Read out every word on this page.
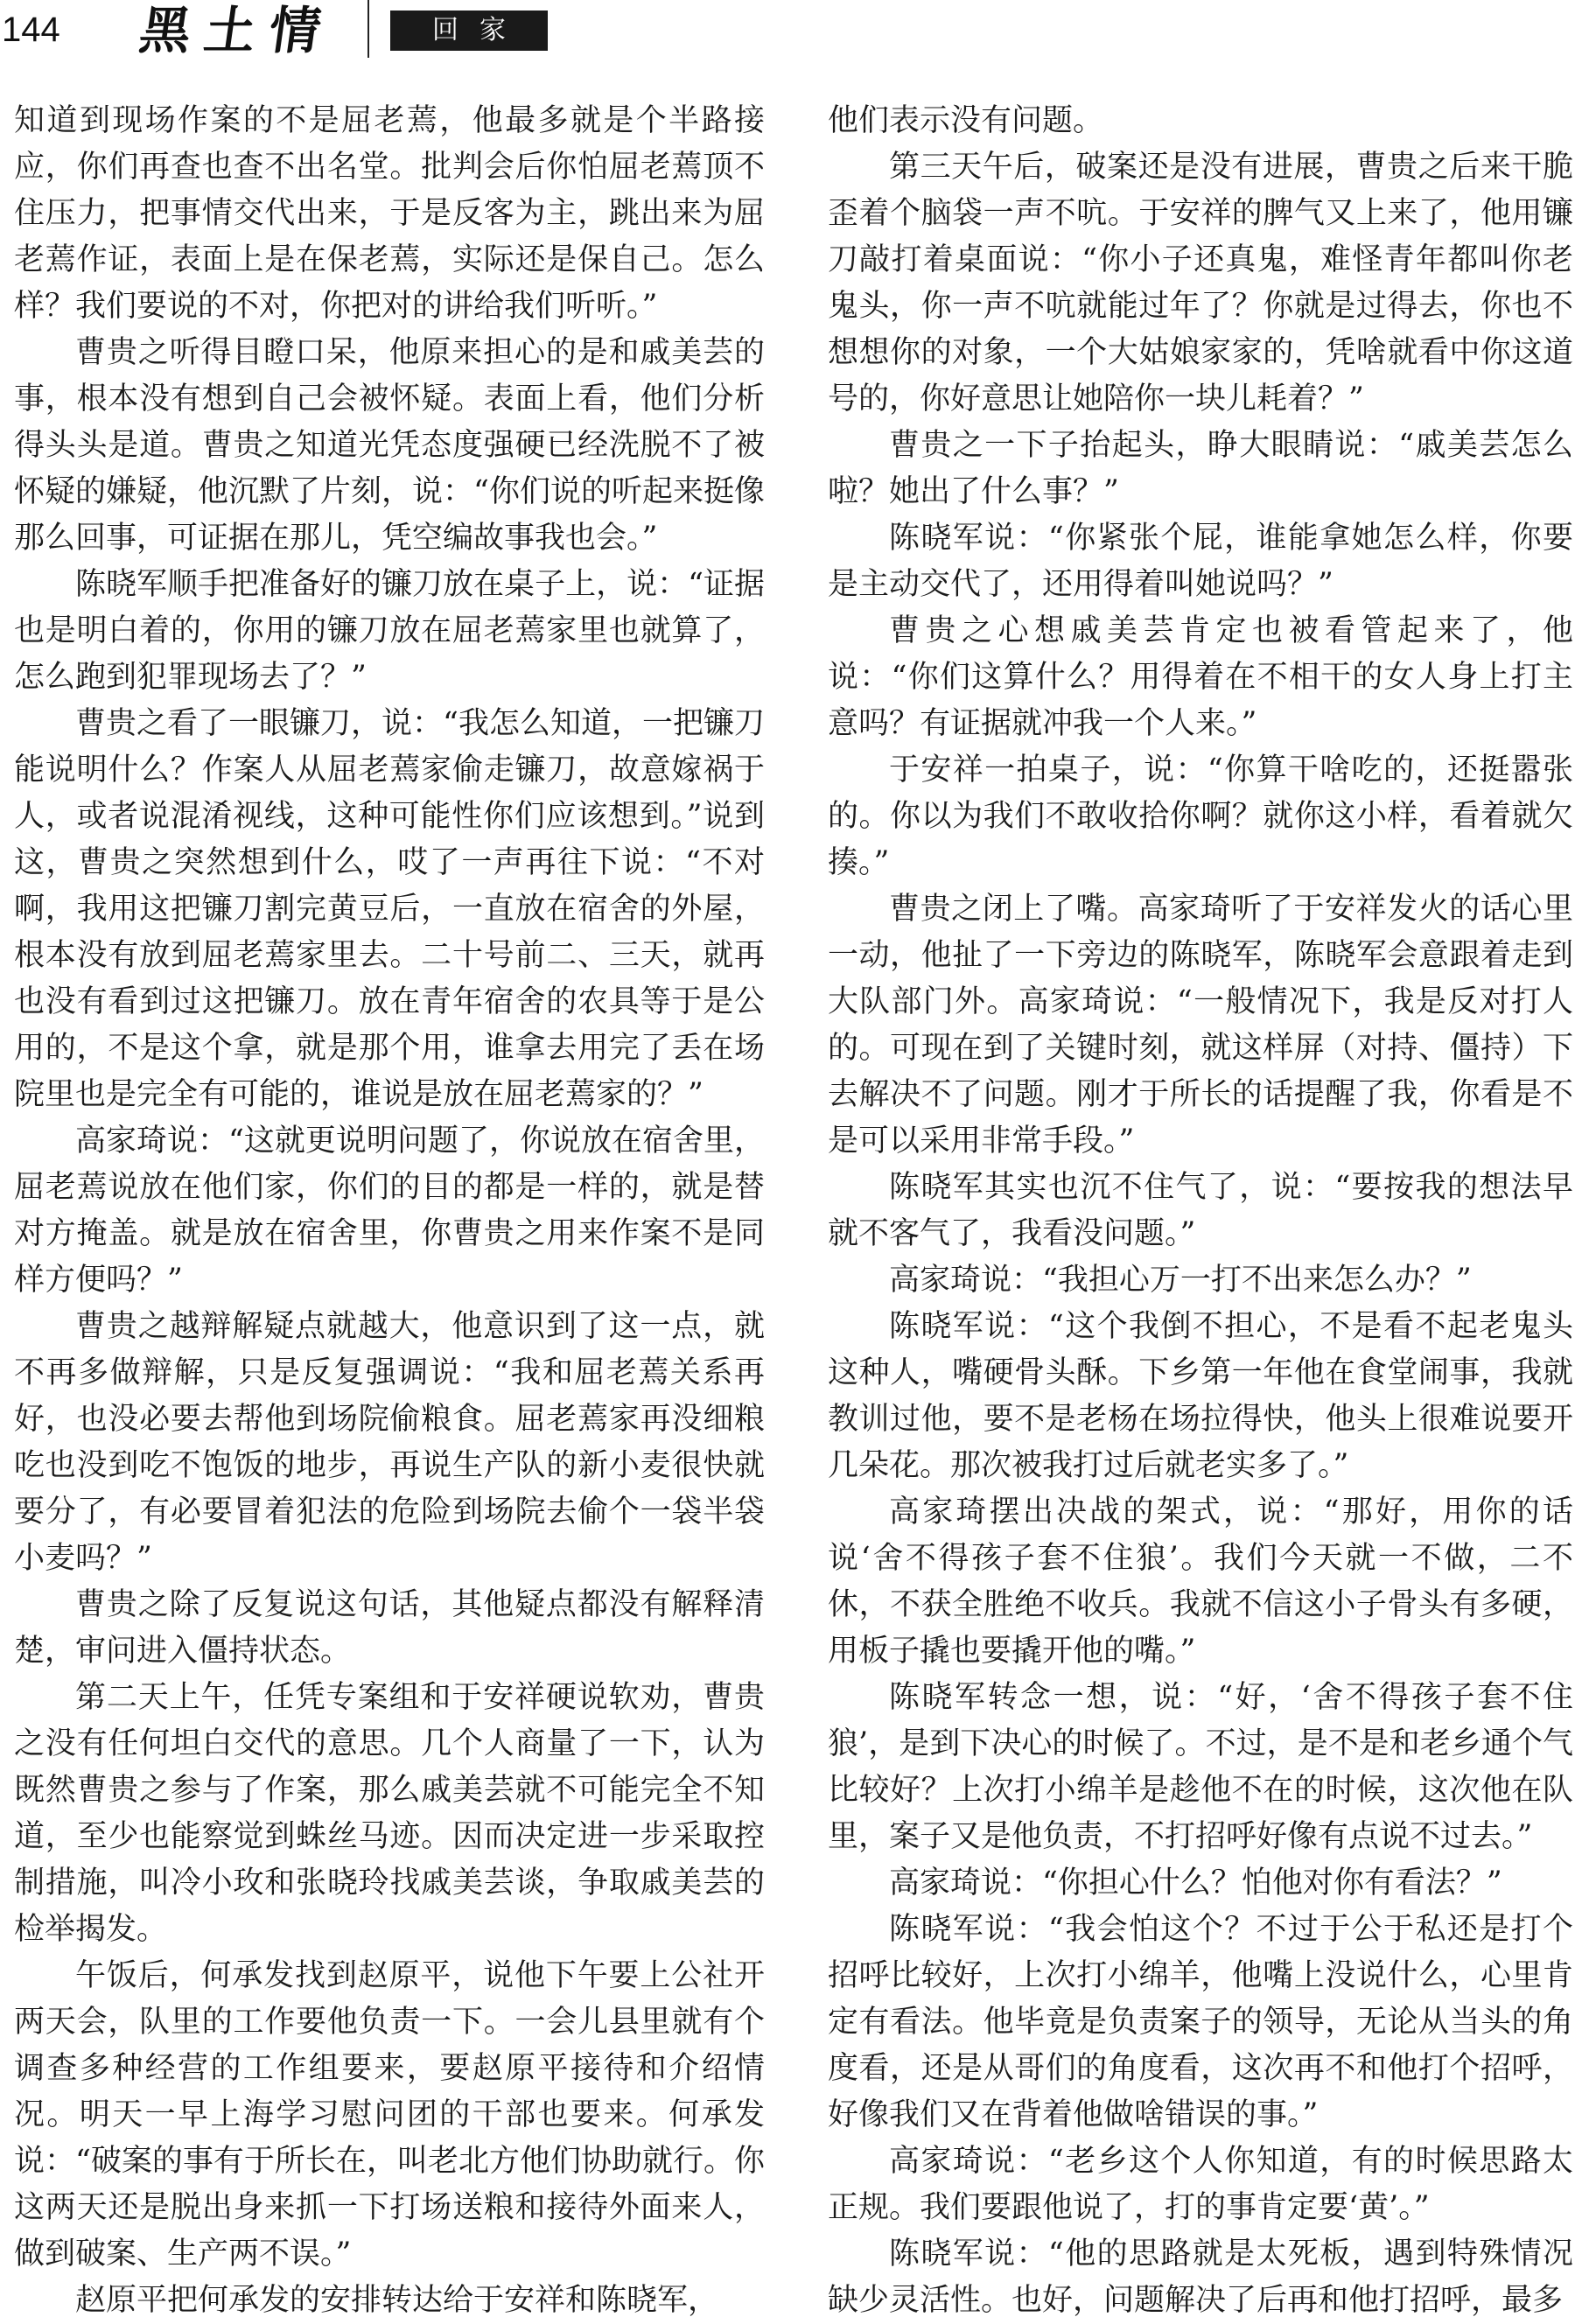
144 黑土情	回家

知道到现场作案的不是屈老蔫，他最多就是个半路接应，你们再查也查不出名堂。批判会后你怕屈老蔫顶不住压力，把事情交代出来，于是反客为主，跳出来为屈老蔫作证，表面上是在保老蔫，实际还是保自己。怎么样？我们要说的不对，你把对的讲给我们听听。”

曹贵之听得目瞪口呆，他原来担心的是和戚美芸的事，根本没有想到自己会被怀疑。表面上看，他们分析得头头是道。曹贵之知道光凭态度强硬已经洗脱不了被怀疑的嫌疑，他沉默了片刻，说：“你们说的听起来挺像那么回事，可证据在那儿，凭空编故事我也会。”

陈晓军顺手把准备好的镰刀放在桌子上，说：“证据也是明白着的，你用的镰刀放在屈老蔫家里也就算了，怎么跑到犯罪现场去了？”

曹贵之看了一眼镰刀，说：“我怎么知道，一把镰刀能说明什么？作案人从屈老蔫家偷走镰刀，故意嫁祸于人，或者说混淆视线，这种可能性你们应该想到。”说到这，曹贵之突然想到什么，哎了一声再往下说：“不对啊，我用这把镰刀割完黄豆后，一直放在宿舍的外屋，根本没有放到屈老蔫家里去。二十号前二、三天，就再也没有看到过这把镰刀。放在青年宿舍的农具等于是公用的，不是这个拿，就是那个用，谁拿去用完了丢在场院里也是完全有可能的，谁说是放在屈老蔫家的？”

高家琦说：“这就更说明问题了，你说放在宿舍里，屈老蔫说放在他们家，你们的目的都是一样的，就是替对方掩盖。就是放在宿舍里，你曹贵之用来作案不是同样方便吗？”

曹贵之越辩解疑点就越大，他意识到了这一点，就不再多做辩解，只是反复强调说：“我和屈老蔫关系再好，也没必要去帮他到场院偷粮食。屈老蔫家再没细粮吃也没到吃不饱饭的地步，再说生产队的新小麦很快就要分了，有必要冒着犯法的危险到场院去偷个一袋半袋小麦吗？”

曹贵之除了反复说这句话，其他疑点都没有解释清楚，审问进入僵持状态。

第二天上午，任凭专案组和于安祥硬说软劝，曹贵之没有任何坦白交代的意思。几个人商量了一下，认为既然曹贵之参与了作案，那么戚美芸就不可能完全不知道，至少也能察觉到蛛丝马迹。因而决定进一步采取控制措施，叫冷小玫和张晓玲找戚美芸谈，争取戚美芸的检举揭发。

午饭后，何承发找到赵原平，说他下午要上公社开两天会，队里的工作要他负责一下。一会儿县里就有个调查多种经营的工作组要来，要赵原平接待和介绍情况。明天一早上海学习慰问团的干部也要来。何承发说：“破案的事有于所长在，叫老北方他们协助就行。你这两天还是脱出身来抓一下打场送粮和接待外面来人，做到破案、生产两不误。”

赵原平把何承发的安排转达给于安祥和陈晓军，

他们表示没有问题。

第三天午后，破案还是没有进展，曹贵之后来干脆歪着个脑袋一声不吭。于安祥的脾气又上来了，他用镰刀敲打着桌面说：“你小子还真鬼，难怪青年都叫你老鬼头，你一声不吭就能过年了？你就是过得去，你也不想想你的对象，一个大姑娘家家的，凭啥就看中你这道号的，你好意思让她陪你一块儿耗着？”

曹贵之一下子抬起头，睁大眼睛说：“戚美芸怎么啦？她出了什么事？”

陈晓军说：“你紧张个屁，谁能拿她怎么样，你要是主动交代了，还用得着叫她说吗？”

曹贵之心想戚美芸肯定也被看管起来了，他说：“你们这算什么？用得着在不相干的女人身上打主意吗？有证据就冲我一个人来。”

于安祥一拍桌子，说：“你算干啥吃的，还挺嚣张的。你以为我们不敢收拾你啊？就你这小样，看着就欠揍。”

曹贵之闭上了嘴。高家琦听了于安祥发火的话心里一动，他扯了一下旁边的陈晓军，陈晓军会意跟着走到大队部门外。高家琦说：“一般情况下，我是反对打人的。可现在到了关键时刻，就这样屏（对持、僵持）下去解决不了问题。刚才于所长的话提醒了我，你看是不是可以采用非常手段。”

陈晓军其实也沉不住气了，说：“要按我的想法早就不客气了，我看没问题。”

高家琦说：“我担心万一打不出来怎么办？”

陈晓军说：“这个我倒不担心，不是看不起老鬼头这种人，嘴硬骨头酥。下乡第一年他在食堂闹事，我就教训过他，要不是老杨在场拉得快，他头上很难说要开几朵花。那次被我打过后就老实多了。”

高家琦摆出决战的架式，说：“那好，用你的话说‘舍不得孩子套不住狼’。我们今天就一不做，二不休，不获全胜绝不收兵。我就不信这小子骨头有多硬，用板子撬也要撬开他的嘴。”

陈晓军转念一想，说：“好，‘舍不得孩子套不住狼’，是到下决心的时候了。不过，是不是和老乡通个气比较好？上次打小绵羊是趁他不在的时候，这次他在队里，案子又是他负责，不打招呼好像有点说不过去。”

高家琦说：“你担心什么？怕他对你有看法？”

陈晓军说：“我会怕这个？不过于公于私还是打个招呼比较好，上次打小绵羊，他嘴上没说什么，心里肯定有看法。他毕竟是负责案子的领导，无论从当头的角度看，还是从哥们的角度看，这次再不和他打个招呼，好像我们又在背着他做啥错误的事。”

高家琦说：“老乡这个人你知道，有的时候思路太正规。我们要跟他说了，打的事肯定要‘黄’。”

陈晓军说：“他的思路就是太死板，遇到特殊情况缺少灵活性。也好，问题解决了后再和他打招呼，最多
